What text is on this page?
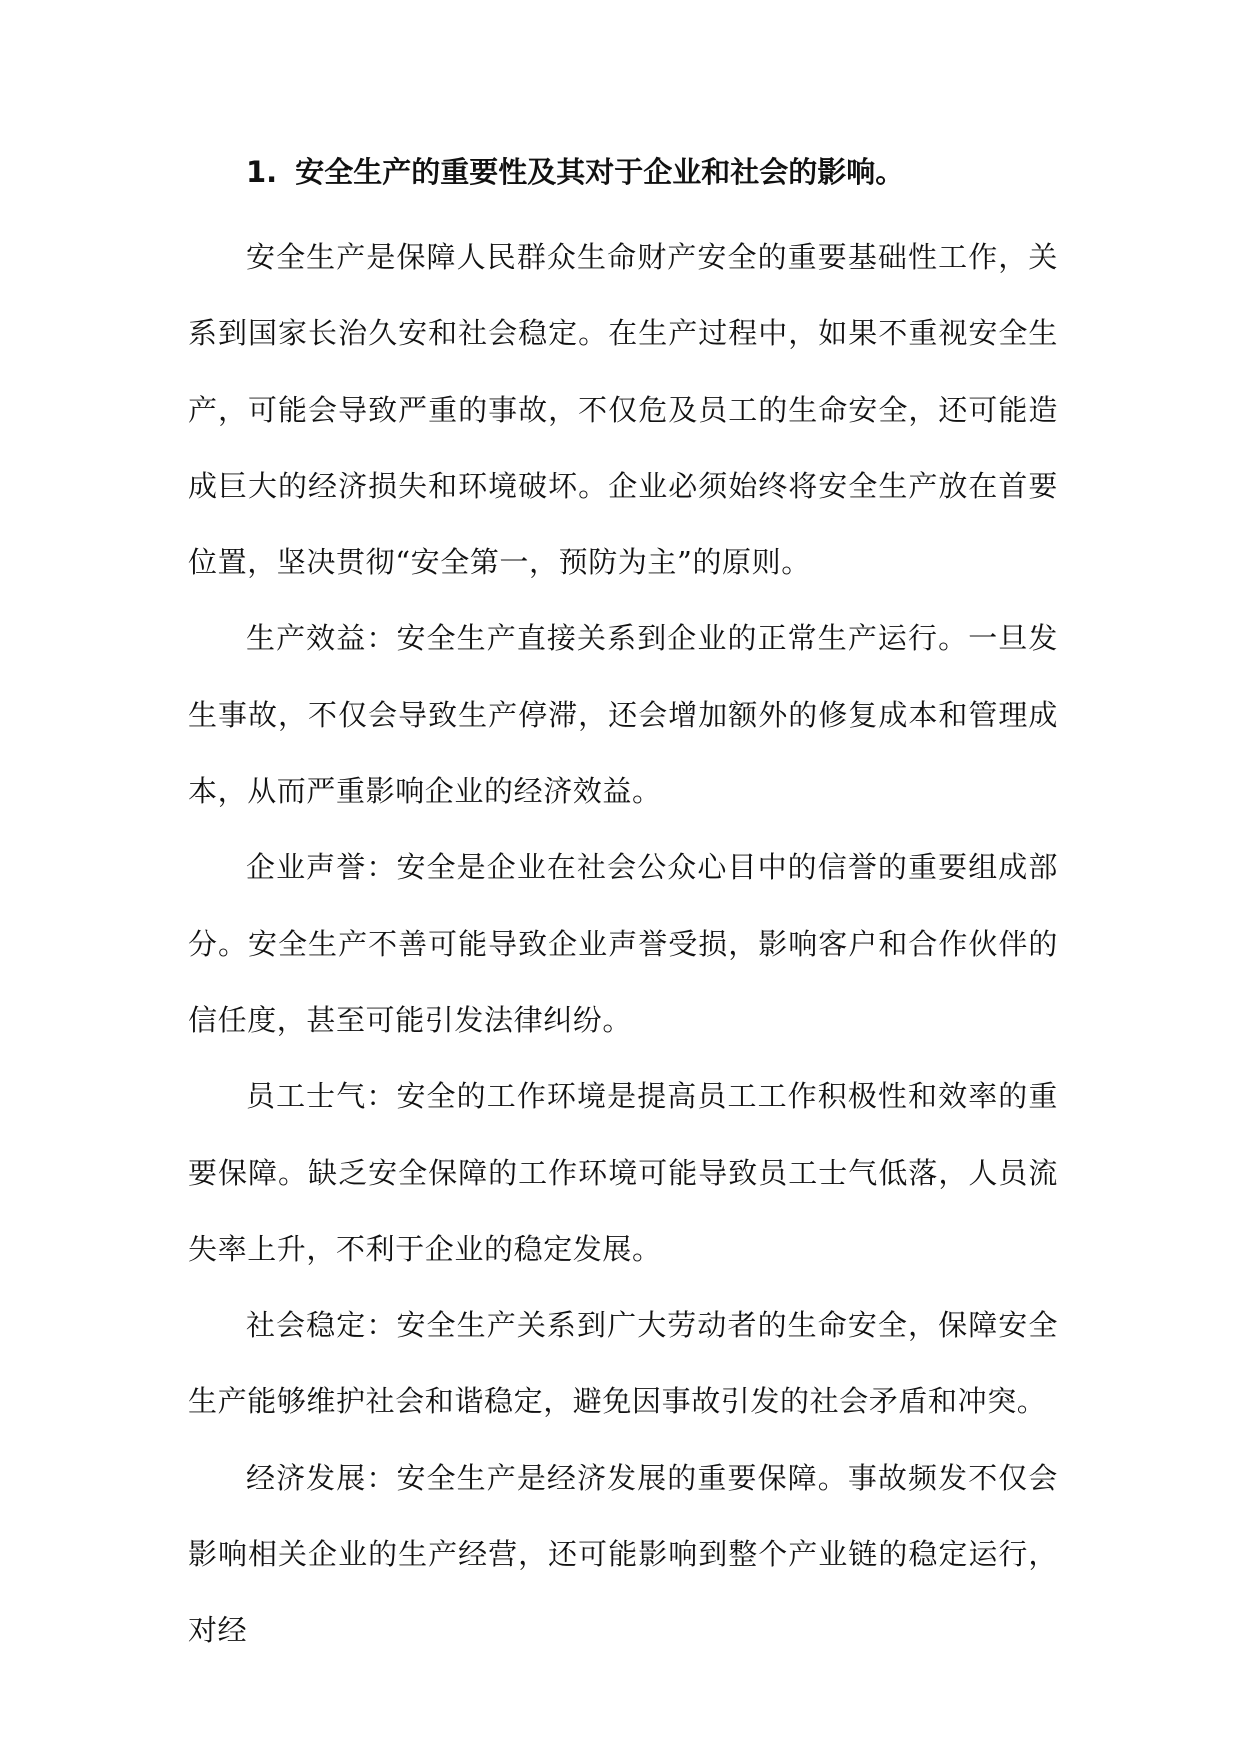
1. 安全生产的重要性及其对于企业和社会的影响。

安全生产是保障人民群众生命财产安全的重要基础性工作，关系到国家长治久安和社会稳定。在生产过程中，如果不重视安全生产，可能会导致严重的事故，不仅危及员工的生命安全，还可能造成巨大的经济损失和环境破坏。企业必须始终将安全生产放在首要位置，坚决贯彻“安全第一，预防为主”的原则。

生产效益：安全生产直接关系到企业的正常生产运行。一旦发生事故，不仅会导致生产停滞，还会增加额外的修复成本和管理成本，从而严重影响企业的经济效益。

企业声誉：安全是企业在社会公众心目中的信誉的重要组成部分。安全生产不善可能导致企业声誉受损，影响客户和合作伙伴的信任度，甚至可能引发法律纠纷。

员工士气：安全的工作环境是提高员工工作积极性和效率的重要保障。缺乏安全保障的工作环境可能导致员工士气低落，人员流失率上升，不利于企业的稳定发展。

社会稳定：安全生产关系到广大劳动者的生命安全，保障安全生产能够维护社会和谐稳定，避免因事故引发的社会矛盾和冲突。

经济发展：安全生产是经济发展的重要保障。事故频发不仅会影响相关企业的生产经营，还可能影响到整个产业链的稳定运行，对经
